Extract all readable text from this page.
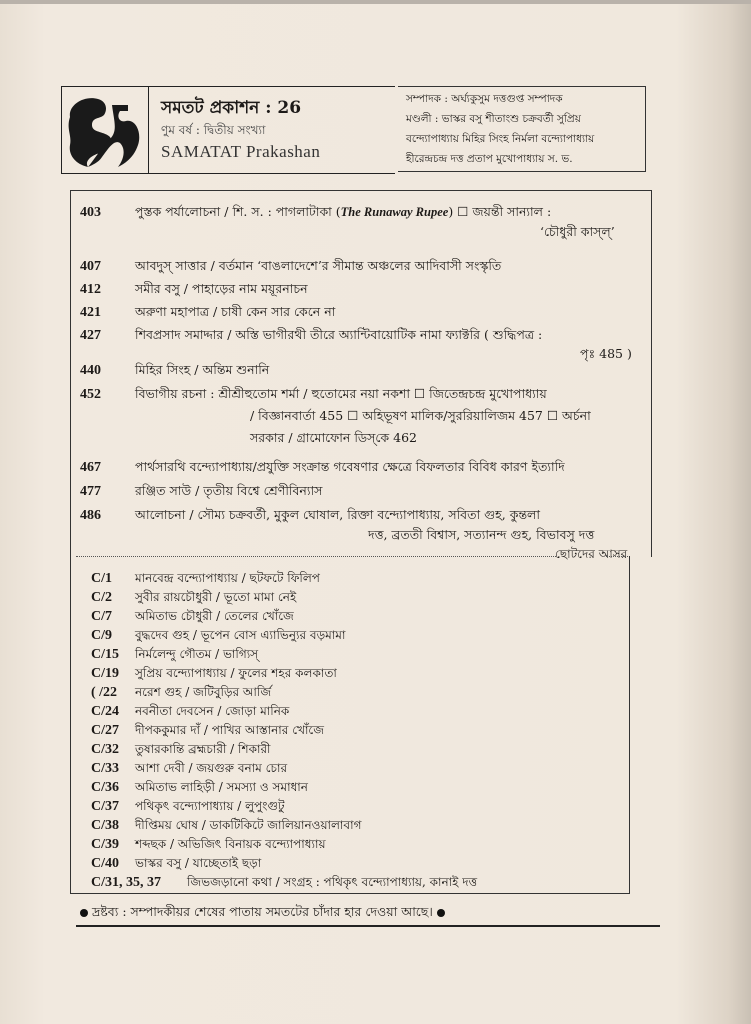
সমতট প্রকাশন : 26
ণুম বর্ষ : দ্বিতীয় সংখ্যা
SAMATAT Prakashan
সম্পাদক : অর্ঘ্যকুসুম দত্তগুপ্ত সম্পাদক
মণ্ডলী : ভাস্কর বসু শীতাংশু চক্রবর্তী সুপ্রিয়
বন্দ্যোপাধ্যায় মিহির সিংহ নির্মলা বন্দ্যোপাধ্যায়
হীরেন্দ্রচন্দ্র দত্ত প্রতাপ মুখোপাধ্যায় স. ভ.
ছোটদের আসর
403	পুস্তক পর্যালোচনা / শি. স. : পাগলাটাকা (The Runaway Rupee) ☐ জয়ন্তী সান্যাল :
‘চৌধুরী কাস্‌ল্‌’
407	আবদুস্‌ সাত্তার / বর্তমান ‘বাঙলাদেশে’র সীমান্ত অঞ্চলের আদিবাসী সংস্কৃতি
412	সমীর বসু / পাহাড়ের নাম ময়ূরনাচন
421	অরুণা মহাপাত্র / চাষী কেন সার কেনে না
427	শিবপ্রসাদ সমাদ্দার / অস্তি ভাগীরথী তীরে অ্যান্টিবায়োটিক নামা ফ্যাক্টরি ( শুদ্ধিপত্র :
পৃঃ 485 )
440	মিহির সিংহ / অন্তিম শুনানি
452	বিভাগীয় রচনা : শ্রীশ্রীহুতোম শর্মা / হুতোমের নয়া নকশা ☐ জিতেন্দ্রচন্দ্র মুখোপাধ্যায়
/ বিজ্ঞানবার্তা 455 ☐ অহিভূষণ মালিক/সুররিয়ালিজম 457 ☐ অর্চনা
সরকার / গ্রামোফোন ডিস্‌কে 462
467	পার্থসারথি বন্দ্যোপাধ্যায়/প্রযুক্তি সংক্রান্ত গবেষণার ক্ষেত্রে বিফলতার বিবিধ কারণ ইত্যাদি
477	রঞ্জিত সাউ / তৃতীয় বিশ্বে শ্রেণীবিন্যাস
486	আলোচনা / সৌম্য চক্রবর্তী, মুকুল ঘোষাল, রিক্তা বন্দ্যোপাধ্যায়, সবিতা গুহ, কুন্তলা
দত্ত, ব্রততী বিশ্বাস, সত্যানন্দ গুহ, বিভাবসু দত্ত
C/1 মানবেন্দ্র বন্দ্যোপাধ্যায় / ছটফটে ফিলিপ
C/2 সুবীর রায়চৌধুরী / ভূতো মামা নেই
C/7 অমিতাভ চৌধুরী / তেলের খোঁজে
C/9 বুদ্ধদেব গুহ / ভূপেন বোস এ্যাভিন্যুর বড়মামা
C/15 নির্মলেন্দু গৌতম / ভাগ্যিস্‌
C/19 সুপ্রিয় বন্দ্যোপাধ্যায় / ফুলের শহর কলকাতা
( /22 নরেশ গুহ / জটিবুড়ির আর্জি
C/24 নবনীতা দেবসেন / জোড়া মানিক
C/27 দীপককুমার দাঁ / পাখির আস্তানার খোঁজে
C/32 তুষারকান্তি ব্রহ্মচারী / শিকারী
C/33 আশা দেবী / জয়গুরু বনাম চোর
C/36 অমিতাভ লাহিড়ী / সমস্যা ও সমাধান
C/37 পথিকৃৎ বন্দ্যোপাধ্যায় / লুপুংগুটু
C/38 দীপ্তিময় ঘোষ / ডাকটিকিটে জালিয়ানওয়ালাবাগ
C/39 শব্দছক / অভিজিৎ বিনায়ক বন্দ্যোপাধ্যায়
C/40 ভাস্কর বসু / যাচ্ছেতাই ছড়া
C/31, 35, 37 জিভজড়ানো কথা / সংগ্রহ : পথিকৃৎ বন্দ্যোপাধ্যায়, কানাই দত্ত
দ্রষ্টব্য : সম্পাদকীয়র শেষের পাতায় সমতটের চাঁদার হার দেওয়া আছে।
